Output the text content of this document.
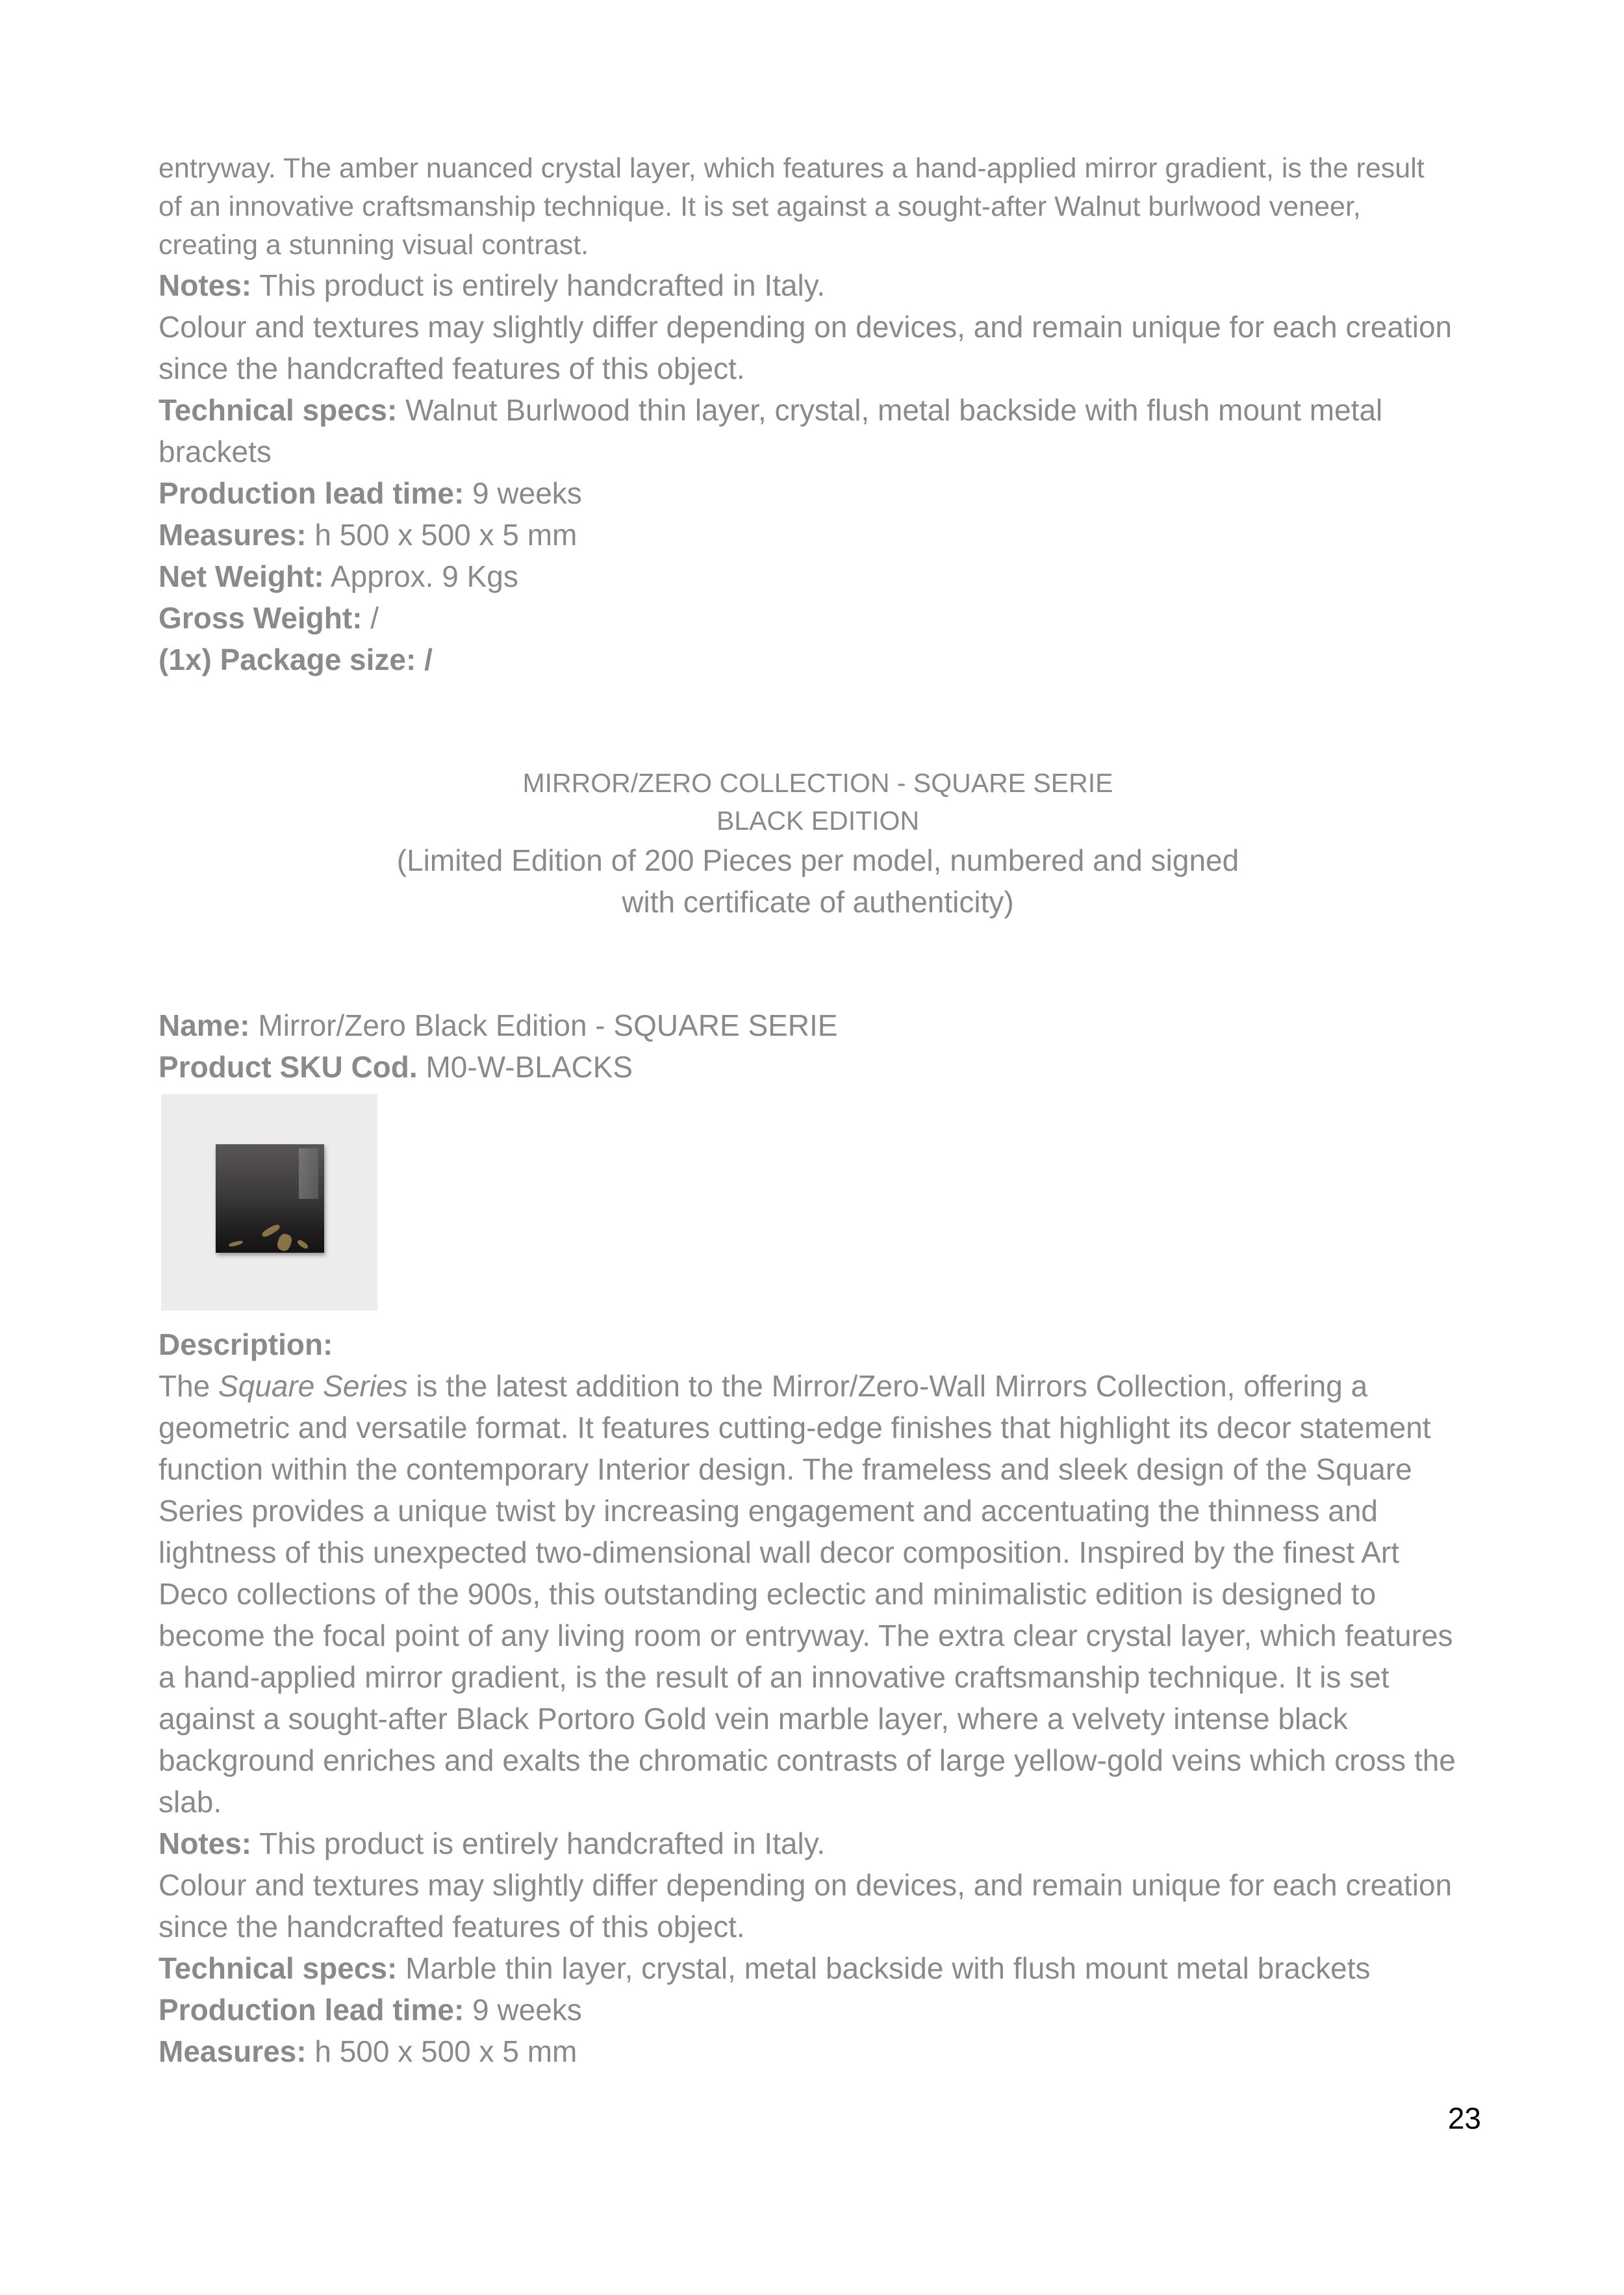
entryway. The amber nuanced crystal layer, which features a hand-applied mirror gradient, is the result

of an innovative craftsmanship technique. It is set against a sought-after Walnut burlwood veneer,

creating a stunning visual contrast.

Notes: This product is entirely handcrafted in Italy.

Colour and textures may slightly differ depending on devices, and remain unique for each creation

since the handcrafted features of this object.

Technical specs: Walnut Burlwood thin layer, crystal, metal backside with flush mount metal

brackets

Production lead time: 9 weeks

Measures: h 500 x 500 x 5 mm

Net Weight: Approx. 9 Kgs

Gross Weight: /

(1x) Package size: /

MIRROR/ZERO COLLECTION - SQUARE SERIE

BLACK EDITION

(Limited Edition of 200 Pieces per model, numbered and signed

with certificate of authenticity)

Name: Mirror/Zero Black Edition - SQUARE SERIE

Product SKU Cod. M0-W-BLACKS

Description:

The Square Series is the latest addition to the Mirror/Zero-Wall Mirrors Collection, offering a

geometric and versatile format. It features cutting-edge finishes that highlight its decor statement

function within the contemporary Interior design. The frameless and sleek design of the Square

Series provides a unique twist by increasing engagement and accentuating the thinness and

lightness of this unexpected two-dimensional wall decor composition. Inspired by the finest Art

Deco collections of the 900s, this outstanding eclectic and minimalistic edition is designed to

become the focal point of any living room or entryway. The extra clear crystal layer, which features

a hand-applied mirror gradient, is the result of an innovative craftsmanship technique. It is set

against a sought-after Black Portoro Gold vein marble layer, where a velvety intense black

background enriches and exalts the chromatic contrasts of large yellow-gold veins which cross the

slab.

Notes: This product is entirely handcrafted in Italy.

Colour and textures may slightly differ depending on devices, and remain unique for each creation

since the handcrafted features of this object.

Technical specs: Marble thin layer, crystal, metal backside with flush mount metal brackets

Production lead time: 9 weeks

Measures: h 500 x 500 x 5 mm

23
